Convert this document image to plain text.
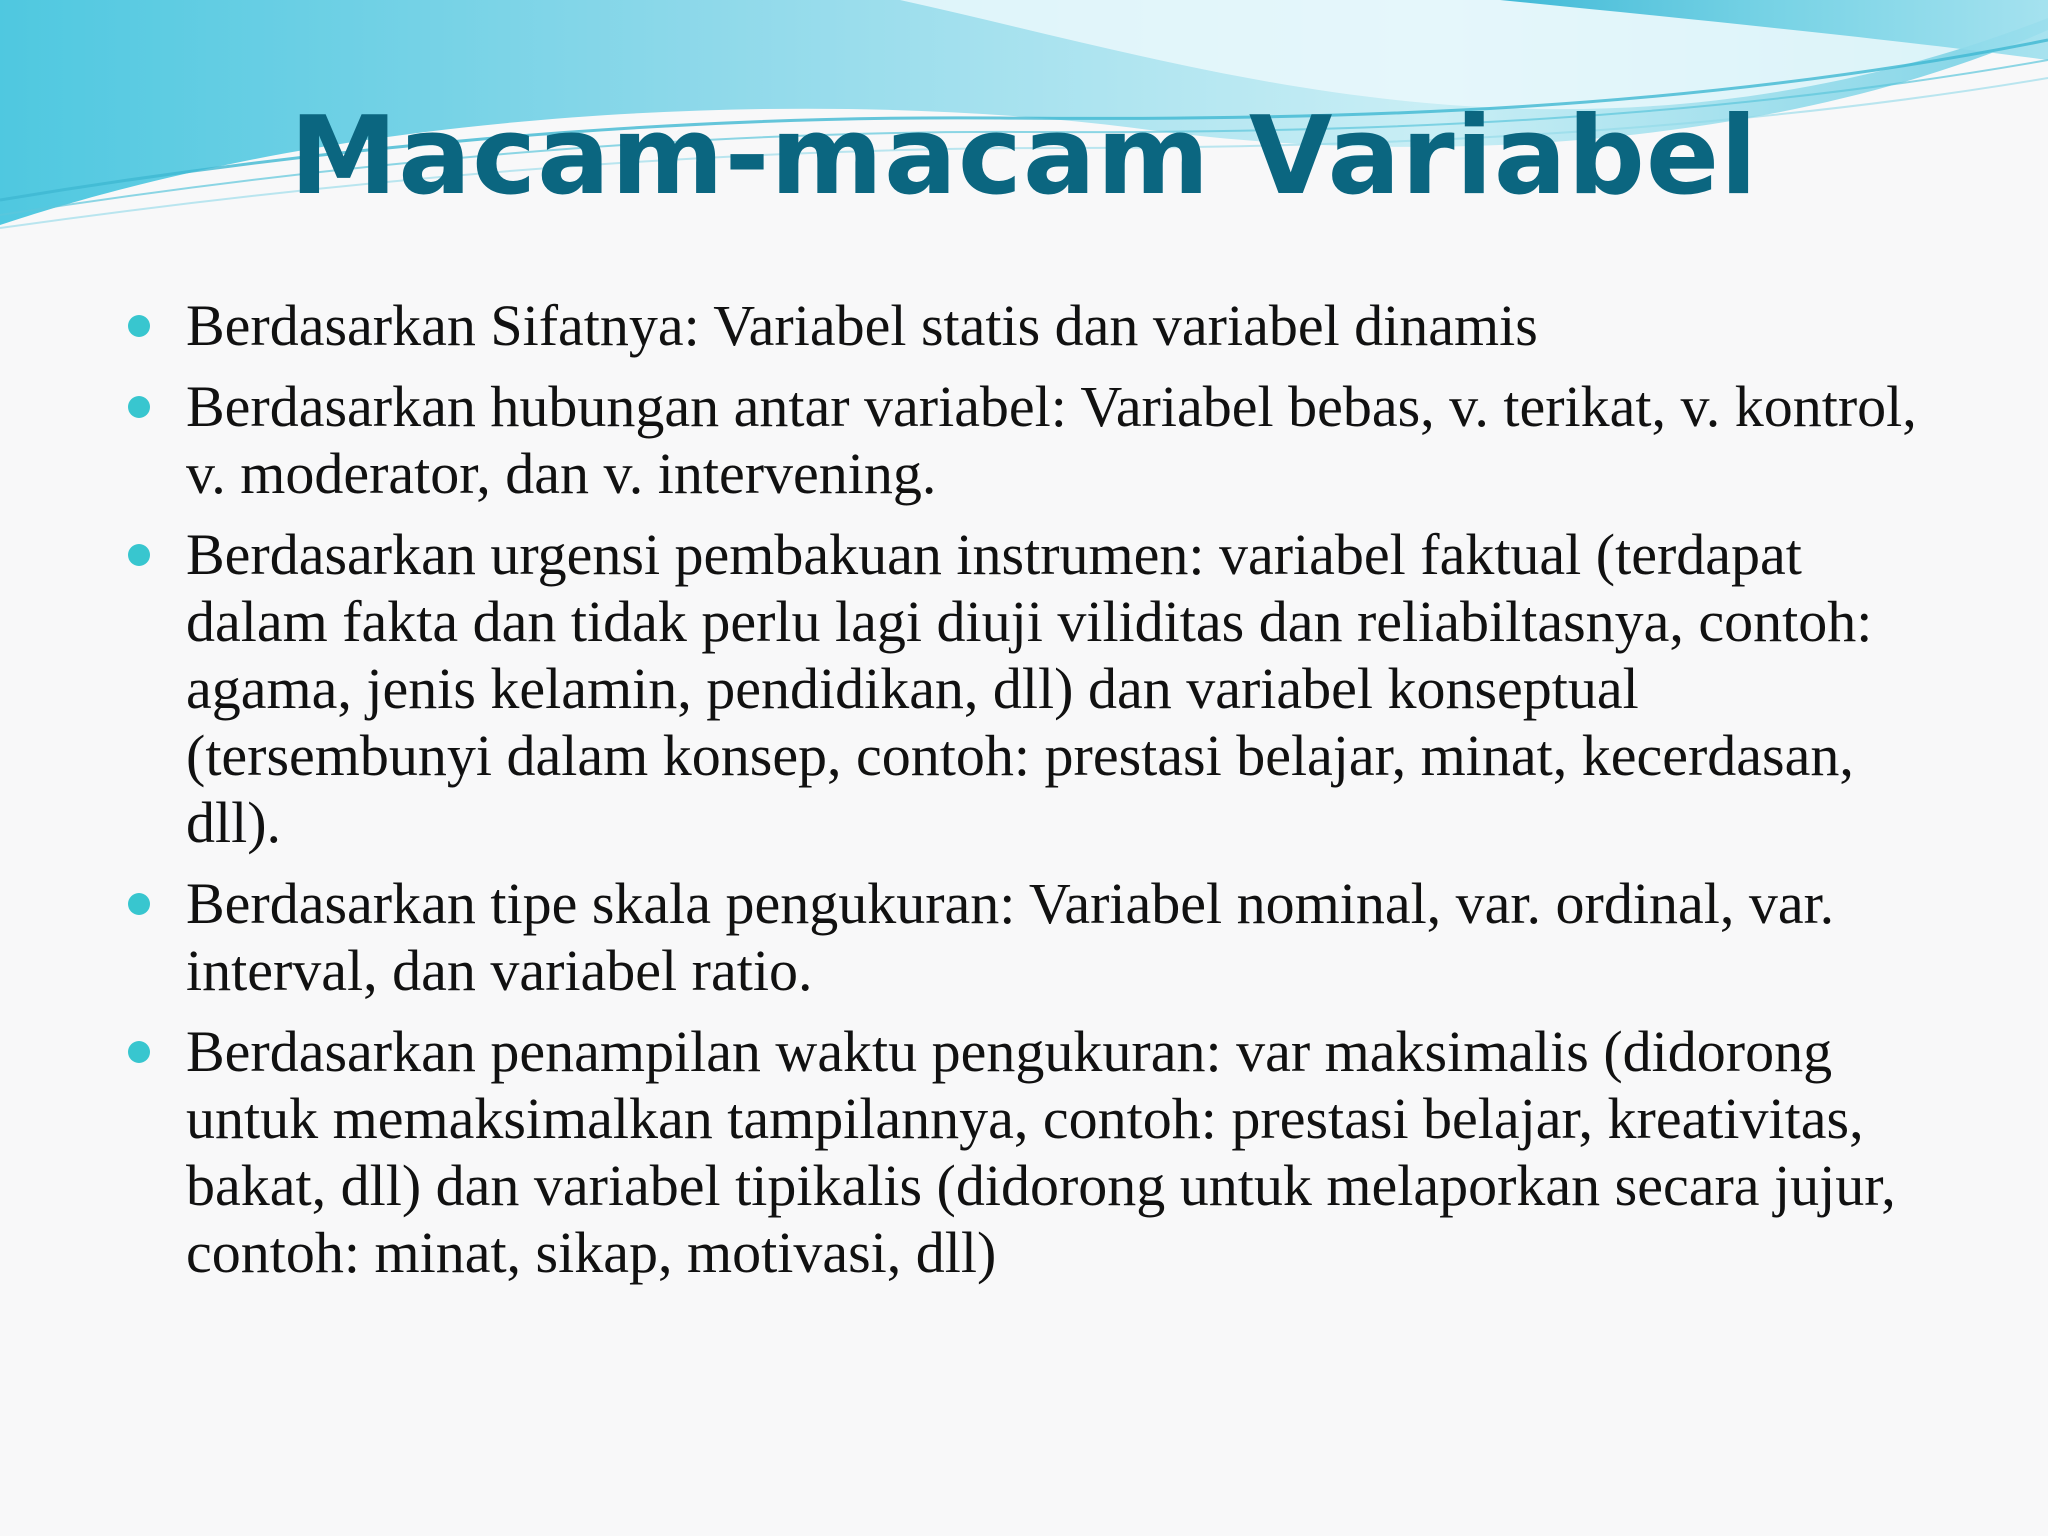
Macam-macam Variabel
Berdasarkan Sifatnya: Variabel statis dan variabel dinamis
Berdasarkan hubungan antar variabel: Variabel bebas, v. terikat, v. kontrol, v. moderator, dan v. intervening.
Berdasarkan urgensi pembakuan instrumen: variabel faktual (terdapat dalam fakta dan tidak perlu lagi diuji viliditas dan reliabiltasnya, contoh: agama, jenis kelamin, pendidikan, dll) dan variabel konseptual (tersembunyi dalam konsep, contoh: prestasi belajar, minat, kecerdasan, dll).
Berdasarkan tipe skala pengukuran: Variabel nominal, var. ordinal, var. interval, dan variabel ratio.
Berdasarkan penampilan waktu pengukuran: var maksimalis (didorong untuk memaksimalkan tampilannya, contoh: prestasi belajar, kreativitas, bakat, dll) dan variabel tipikalis (didorong untuk melaporkan secara jujur, contoh: minat, sikap, motivasi, dll)
